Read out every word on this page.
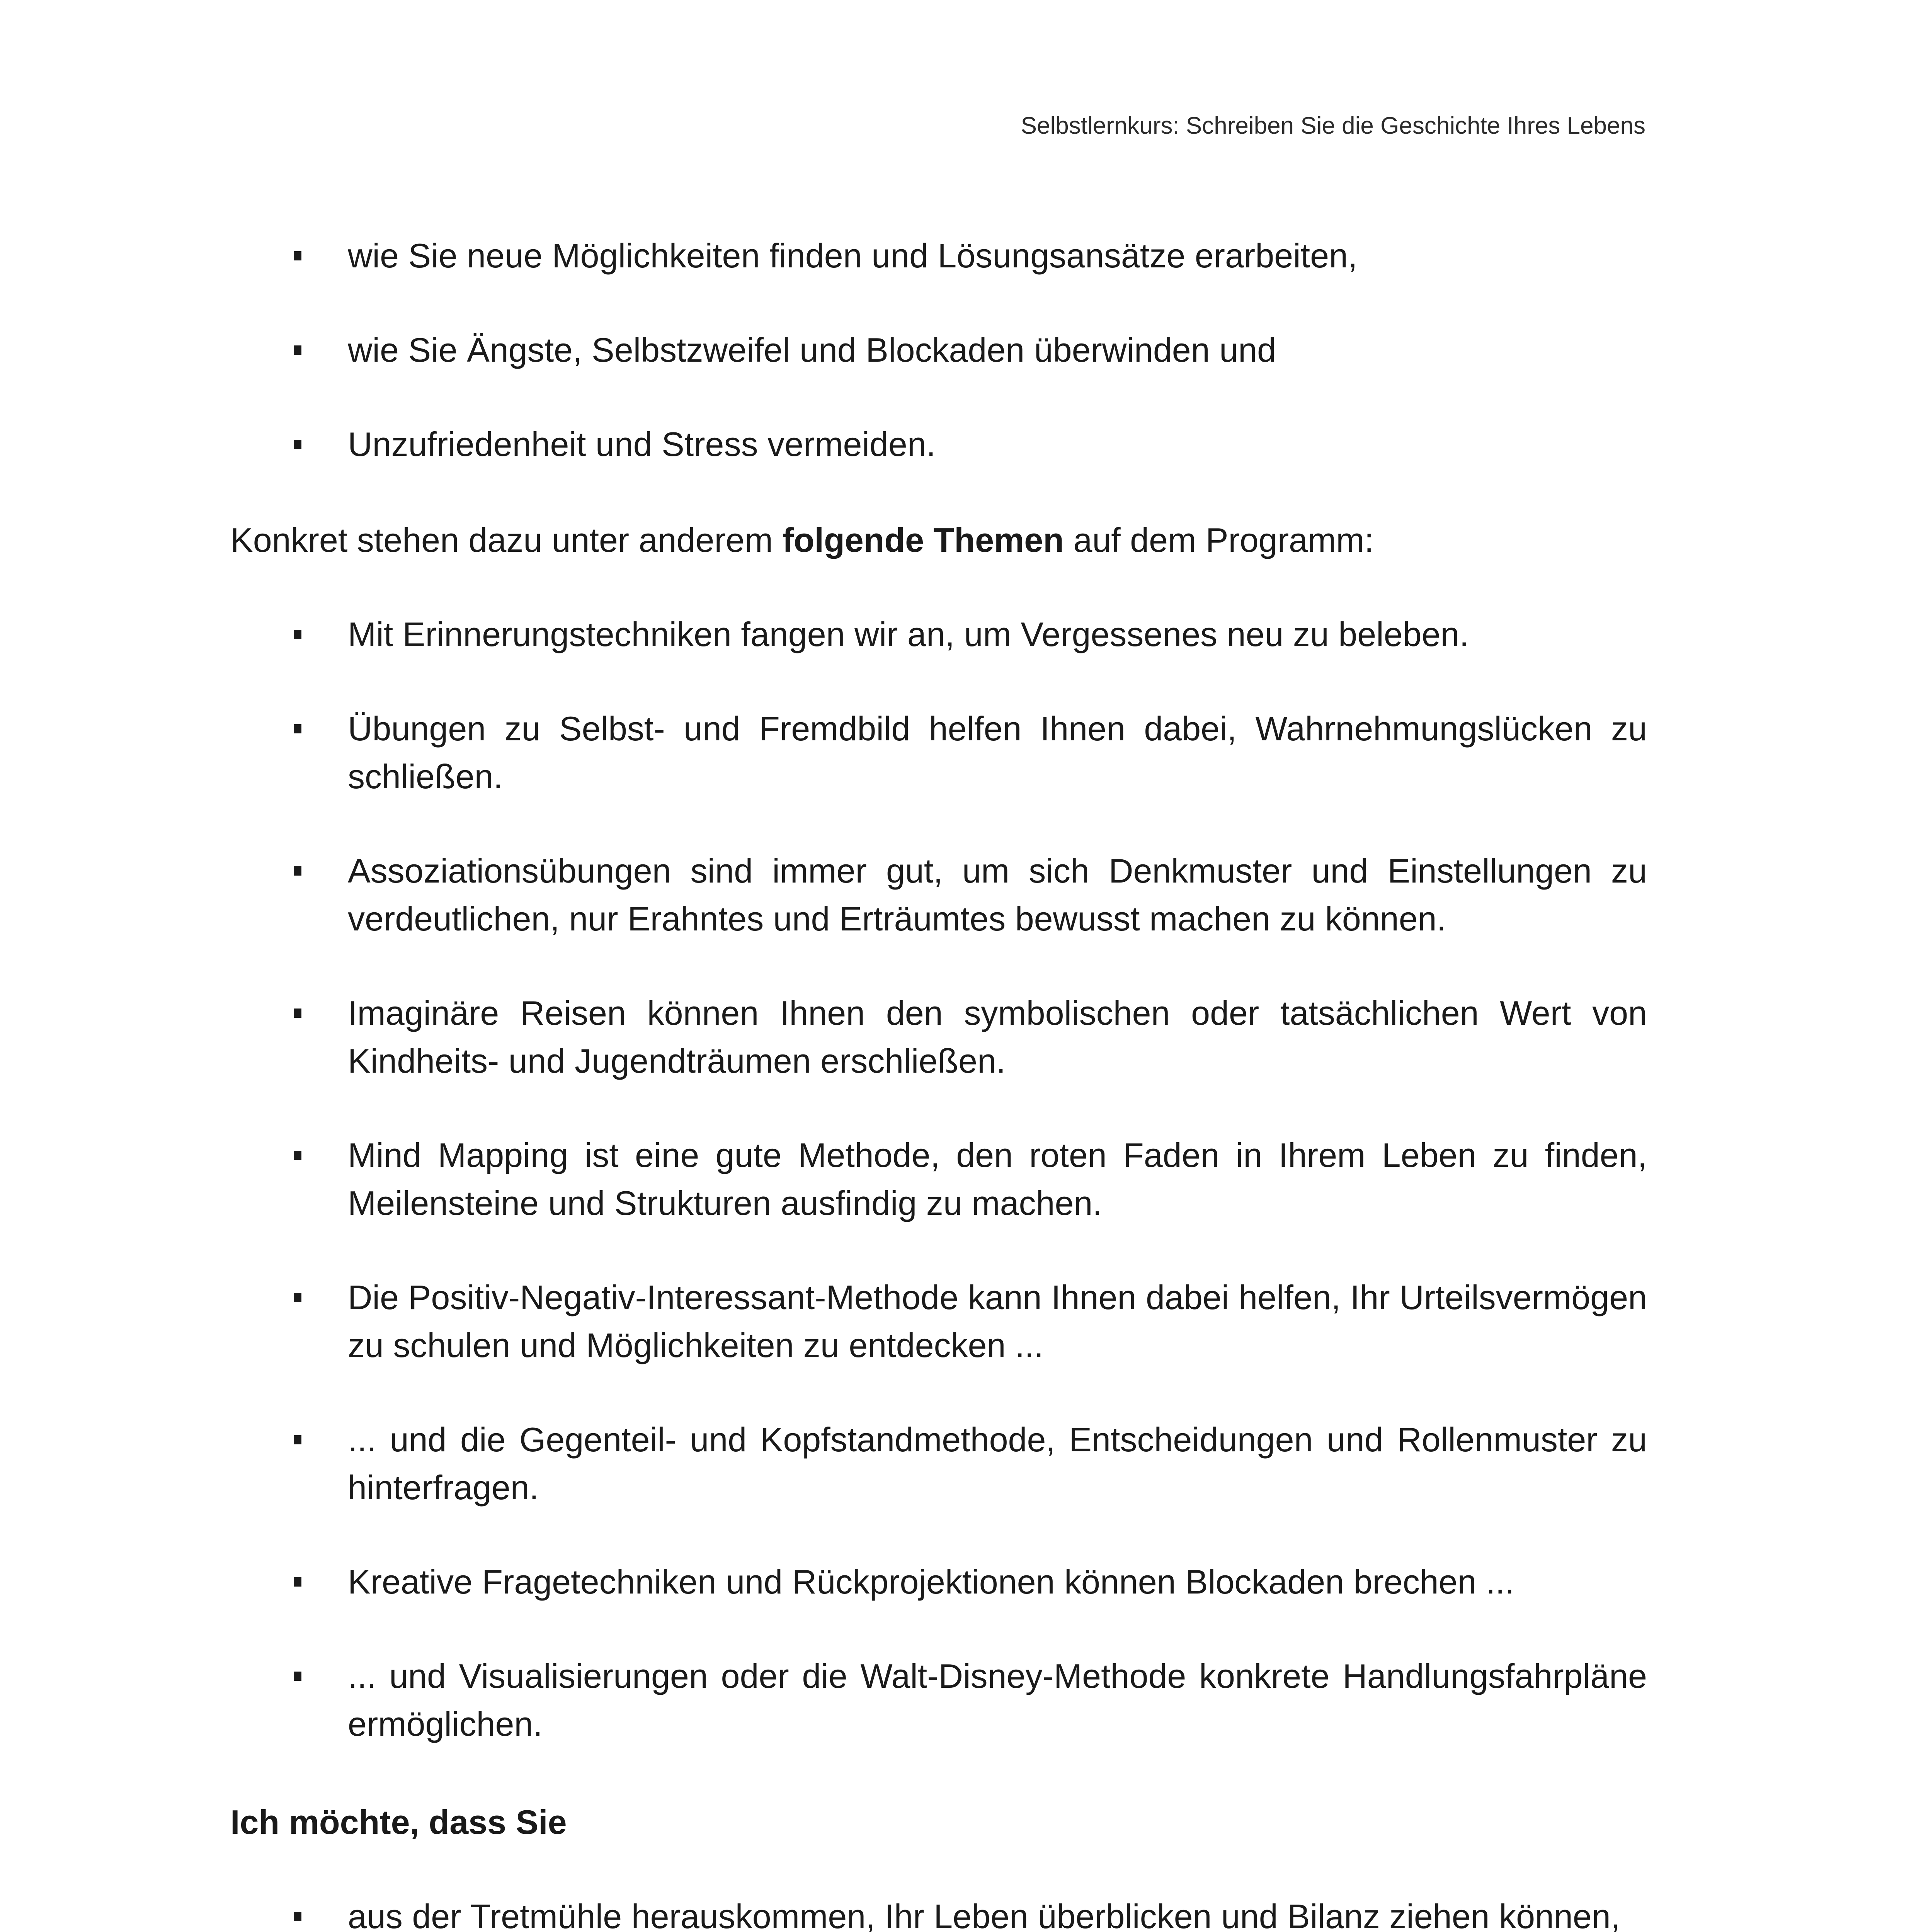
Selbstlernkurs: Schreiben Sie die Geschichte Ihres Lebens
wie Sie neue Möglichkeiten finden und Lösungsansätze erarbeiten,
wie Sie Ängste, Selbstzweifel und Blockaden überwinden und
Unzufriedenheit und Stress vermeiden.

Konkret stehen dazu unter anderem folgende Themen auf dem Programm:

Mit Erinnerungstechniken fangen wir an, um Vergessenes neu zu beleben.
Übungen zu Selbst- und Fremdbild helfen Ihnen dabei, Wahrnehmungslücken zu schließen.
Assoziationsübungen sind immer gut, um sich Denkmuster und Einstellungen zu verdeutlichen, nur Erahntes und Erträumtes bewusst machen zu können.
Imaginäre Reisen können Ihnen den symbolischen oder tatsächlichen Wert von Kindheits- und Jugendträumen erschließen.
Mind Mapping ist eine gute Methode, den roten Faden in Ihrem Leben zu finden, Meilensteine und Strukturen ausfindig zu machen.
Die Positiv-Negativ-Interessant-Methode kann Ihnen dabei helfen, Ihr Urteilsvermögen zu schulen und Möglichkeiten zu entdecken ...
... und die Gegenteil- und Kopfstandmethode, Entscheidungen und Rollenmuster zu hinterfragen.
Kreative Fragetechniken und Rückprojektionen können Blockaden brechen ...
... und Visualisierungen oder die Walt-Disney-Methode konkrete Handlungsfahrpläne ermöglichen.

Ich möchte, dass Sie

aus der Tretmühle herauskommen, Ihr Leben überblicken und Bilanz ziehen können,
